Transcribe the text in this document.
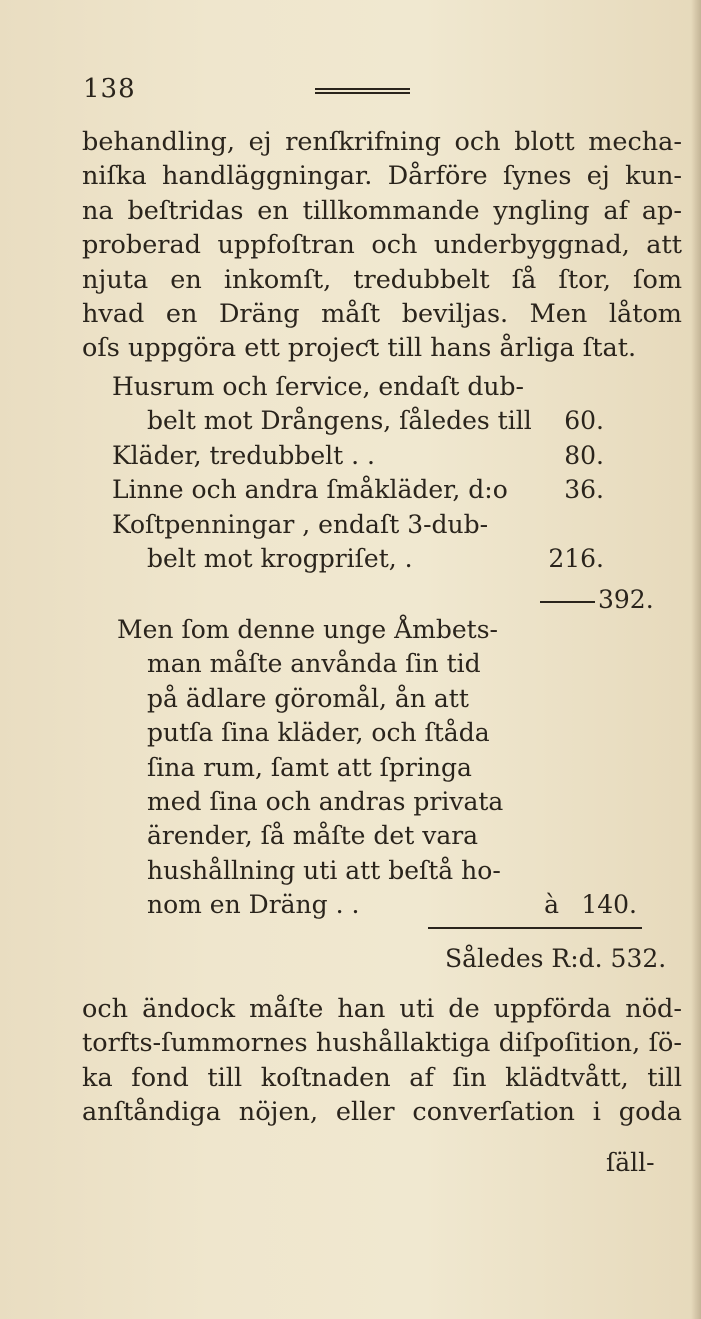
138
behandling, ej renſkrifning och blott mecha-
niſka handläggningar. Dårföre ſynes ej kun-
na beſtridas en tillkommande yngling af ap-
proberad uppfoſtran och underbyggnad, att
njuta en inkomſt, tredubbelt ſå ſtor, ſom
hvad en Dräng måſt beviljas. Men låtom
oſs uppgöra ett projeƈt till hans årliga ſtat.
Husrum och ſervice, endaſt dub-
belt mot Drångens, ſåledes till 60.
Kläder, tredubbelt . .	80.
Linne och andra ſmåkläder, d:o 36.
Koſtpenningar , endaſt 3-dub-
belt mot krogpriſet, .	216.
392.
Men ſom denne unge Åmbets-
man måſte anvånda ſin tid
på ädlare göromål, ån att
putſa ſina kläder, och ſtåda
ſina rum, ſamt att ſpringa
med ſina och andras privata
ärender, ſå måſte det vara
hushållning uti att beſtå ho-
nom en Dräng . .	à 140.
Således R:d. 532.
och ändock måſte han uti de uppförda nöd-
torfts-ſummornes hushållaktiga diſpoſition, ſö-
ka fond till koſtnaden af ſin klädtvått, till
anſtåndiga nöjen, eller converſation i goda
ſäll-
